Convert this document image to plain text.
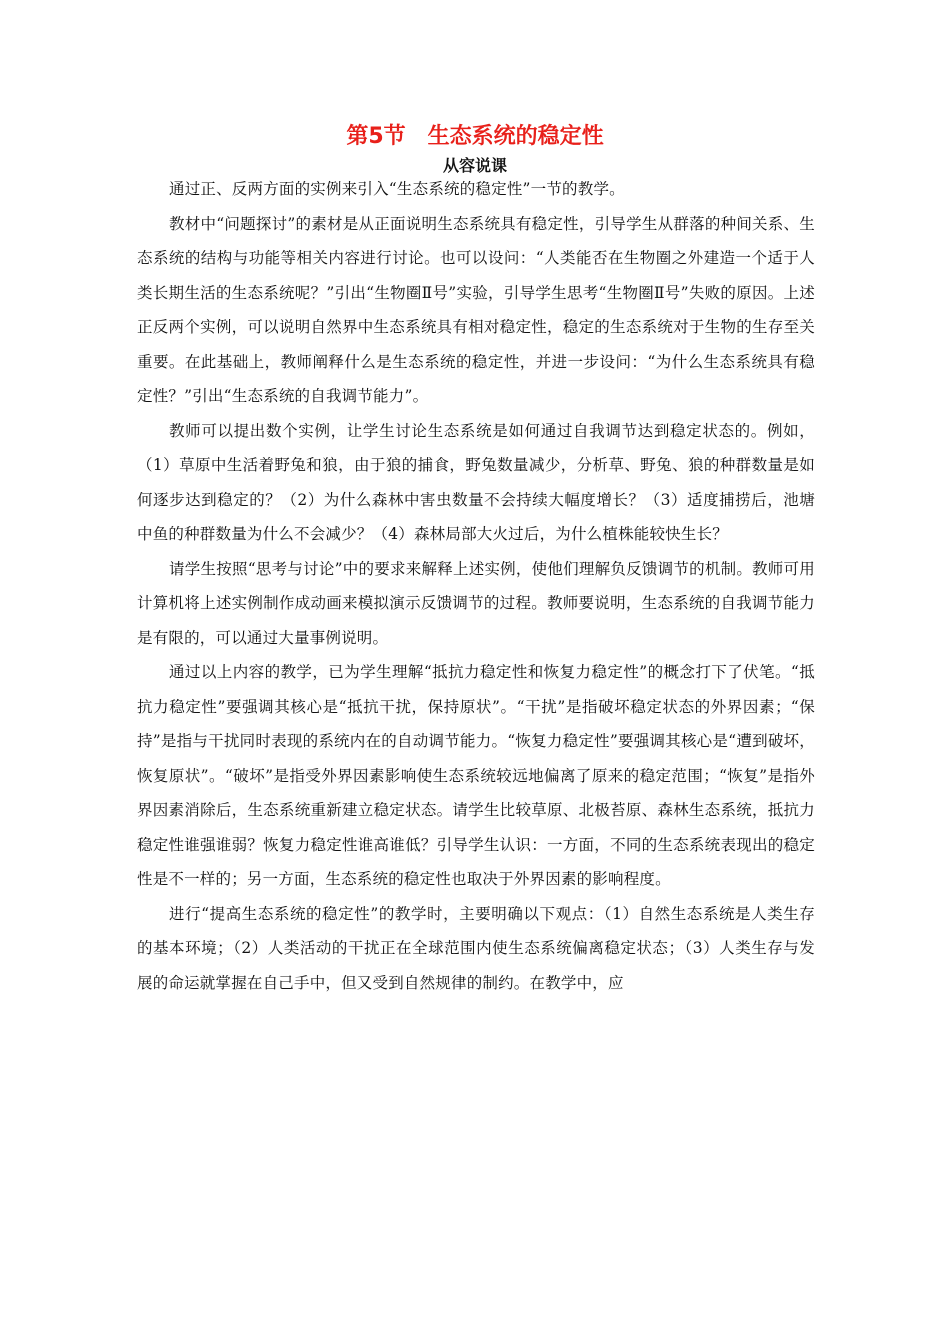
第5节 生态系统的稳定性
从容说课

通过正、反两方面的实例来引入“生态系统的稳定性”一节的教学。

教材中“问题探讨”的素材是从正面说明生态系统具有稳定性，引导学生从群落的种间关系、生态系统的结构与功能等相关内容进行讨论。也可以设问：“人类能否在生物圈之外建造一个适于人类长期生活的生态系统呢？”引出“生物圈Ⅱ号”实验，引导学生思考“生物圈Ⅱ号”失败的原因。上述正反两个实例，可以说明自然界中生态系统具有相对稳定性，稳定的生态系统对于生物的生存至关重要。在此基础上，教师阐释什么是生态系统的稳定性，并进一步设问：“为什么生态系统具有稳定性？”引出“生态系统的自我调节能力”。

教师可以提出数个实例，让学生讨论生态系统是如何通过自我调节达到稳定状态的。例如，（1）草原中生活着野兔和狼，由于狼的捕食，野兔数量减少，分析草、野兔、狼的种群数量是如何逐步达到稳定的？（2）为什么森林中害虫数量不会持续大幅度增长？（3）适度捕捞后，池塘中鱼的种群数量为什么不会减少？（4）森林局部大火过后，为什么植株能较快生长？

请学生按照“思考与讨论”中的要求来解释上述实例，使他们理解负反馈调节的机制。教师可用计算机将上述实例制作成动画来模拟演示反馈调节的过程。教师要说明，生态系统的自我调节能力是有限的，可以通过大量事例说明。

通过以上内容的教学，已为学生理解“抵抗力稳定性和恢复力稳定性”的概念打下了伏笔。“抵抗力稳定性”要强调其核心是“抵抗干扰，保持原状”。“干扰”是指破坏稳定状态的外界因素；“保持”是指与干扰同时表现的系统内在的自动调节能力。“恢复力稳定性”要强调其核心是“遭到破坏，恢复原状”。“破坏”是指受外界因素影响使生态系统较远地偏离了原来的稳定范围；“恢复”是指外界因素消除后，生态系统重新建立稳定状态。请学生比较草原、北极苔原、森林生态系统，抵抗力稳定性谁强谁弱？恢复力稳定性谁高谁低？引导学生认识：一方面，不同的生态系统表现出的稳定性是不一样的；另一方面，生态系统的稳定性也取决于外界因素的影响程度。

进行“提高生态系统的稳定性”的教学时，主要明确以下观点：（1）自然生态系统是人类生存的基本环境；（2）人类活动的干扰正在全球范围内使生态系统偏离稳定状态；（3）人类生存与发展的命运就掌握在自己手中，但又受到自然规律的制约。在教学中，应
